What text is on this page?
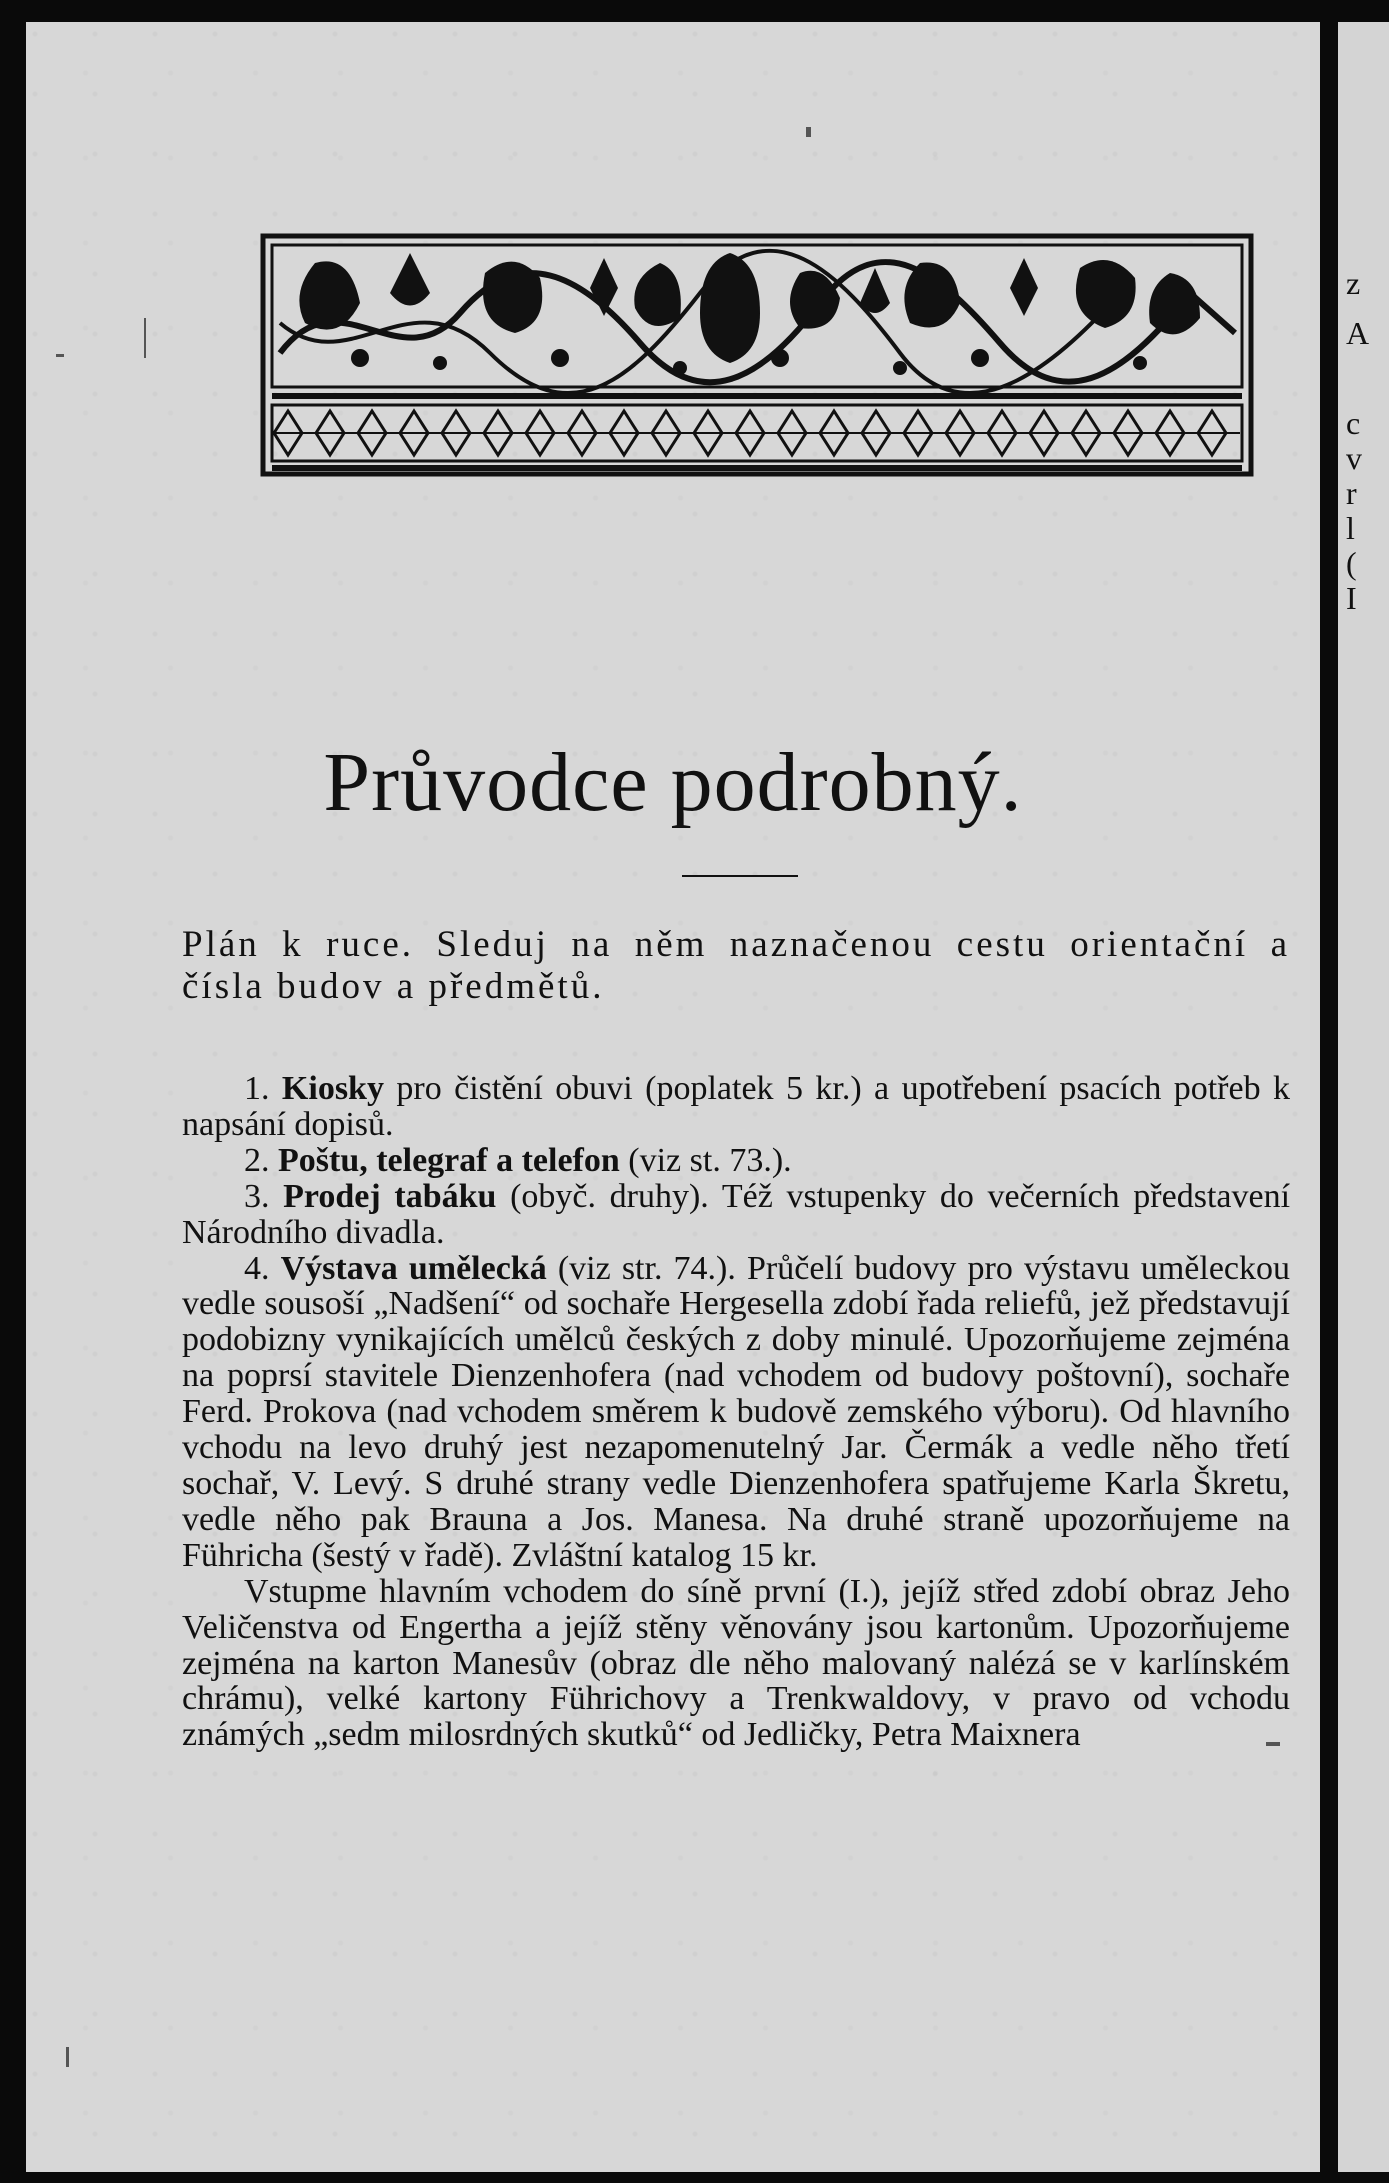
Průvodce podrobný.
Plán k ruce. Sleduj na něm naznačenou cestu orientační a čísla budov a předmětů.

1. Kiosky pro čistění obuvi (poplatek 5 kr.) a upotřebení psacích potřeb k napsání dopisů.

2. Poštu, telegraf a telefon (viz st. 73.).

3. Prodej tabáku (obyč. druhy). Též vstupenky do večerních představení Národního divadla.

4. Výstava umělecká (viz str. 74.). Průčelí budovy pro výstavu uměleckou vedle sousoší „Nadšení“ od sochaře Hergesella zdobí řada reliefů, jež představují podobizny vynikajících umělců českých z doby minulé. Upozorňujeme zejména na poprsí stavitele Dienzenhofera (nad vchodem od budovy poštovní), sochaře Ferd. Prokova (nad vchodem směrem k budově zemského výboru). Od hlavního vchodu na levo druhý jest nezapomenutelný Jar. Čermák a vedle něho třetí sochař, V. Levý. S druhé strany vedle Dienzenhofera spatřujeme Karla Škretu, vedle něho pak Brauna a Jos. Manesa. Na druhé straně upozorňujeme na Führicha (šestý v řadě). Zvláštní katalog 15 kr.

Vstupme hlavním vchodem do síně první (I.), jejíž střed zdobí obraz Jeho Veličenstva od Engertha a jejíž stěny věnovány jsou kartonům. Upozorňujeme zejména na karton Manesův (obraz dle něho malovaný nalézá se v karlínském chrámu), velké kartony Führichovy a Trenkwaldovy, v pravo od vchodu známých „sedm milosrdných skutků“ od Jedličky, Petra Maixnera

z
A
c
v
r
l
(
I
